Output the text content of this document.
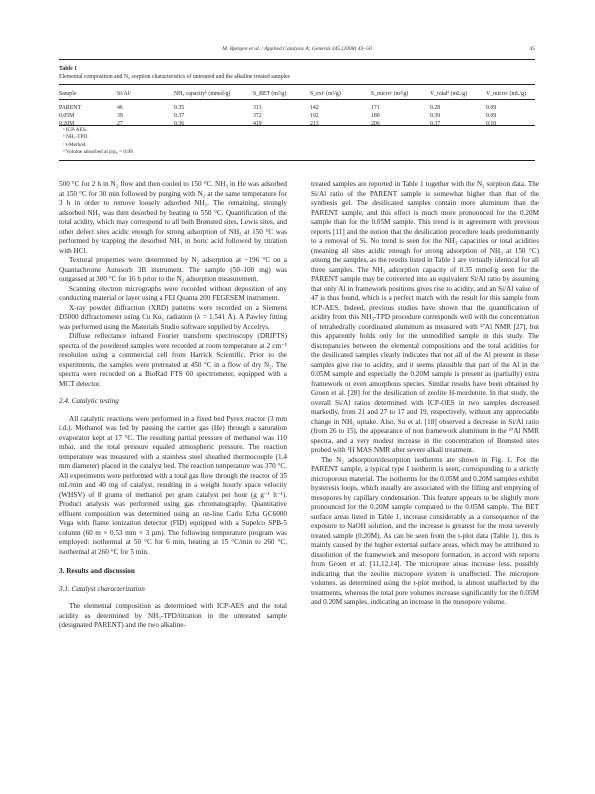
M. Bjørgen et al. / Applied Catalysis A: General 345 (2008) 43–50	45
Table 1
Elemental composition and N₂ sorption characteristics of untreated and the alkaline treated samples
Sample	Si/Alᵃ	NH₃ capacityᵇ (mmol/g)	S_BET (m²/g)	S_extᶜ (m²/g)	S_microᶜ (m²/g)	V_totalᵈ (mL/g)	V_microᶜ (mL/g)

PARENT	46	0.35	313	142	171	0.28	0.09
0.05M	39	0.37	372	192	180	0.39	0.09
0.20M	27	0.36	419	213	206	0.37	0.10
ᵃ ICP-AES.
ᵇ NH₃-TPD.
ᶜ t-Method.
ᵈ Volume adsorbed at p/p₀ = 0.99.

500 °C for 2 h in N₂ flow and then cooled to 150 °C. NH₃ in He was adsorbed at 150 °C for 30 min followed by purging with N₂ at the same temperature for 3 h in order to remove loosely adsorbed NH₃. The remaining, strongly adsorbed NH₃ was then desorbed by heating to 550 °C. Quantification of the total acidity, which may correspond to all both Brønsted sites, Lewis sites, and other defect sites acidic enough for strong adsorption of NH₃ at 150 °C was performed by trapping the desorbed NH₃ in boric acid followed by titration with HCl.

Textural properties were determined by N₂ adsorption at −196 °C on a Quantachrome Autosorb 3B instrument. The sample (50–100 mg) was outgassed at 300 °C for 16 h prior to the N₂ adsorption measurement.

Scanning electron micrographs were recorded without deposition of any conducting material or layer using a FEI Quanta 200 FEGESEM instrument.

X-ray powder diffraction (XRD) patterns were recorded on a Siemens D5000 diffractometer using Cu Kα₁ radiation (λ = 1.541 Å). A Pawley fitting was performed using the Materials Studio software supplied by Accelrys.

Diffuse reflectance infrared Fourier transform spectroscopy (DRIFTS) spectra of the powdered samples were recorded at room temperature at 2 cm⁻¹ resolution using a commercial cell from Harrick Scientific. Prior to the experiments, the samples were pretreated at 450 °C in a flow of dry N₂. The spectra were recorded on a BioRad FTS 60 spectrometer, equipped with a MCT detector.

2.4. Catalytic testing

All catalytic reactions were performed in a fixed bed Pyrex reactor (3 mm i.d.). Methanol was fed by passing the carrier gas (He) through a saturation evaporator kept at 17 °C. The resulting partial pressure of methanol was 110 mbar, and the total pressure equaled atmospheric pressure. The reaction temperature was measured with a stainless steel sheathed thermocouple (1.4 mm diameter) placed in the catalyst bed. The reaction temperature was 370 °C. All experiments were performed with a total gas flow through the reactor of 35 mL/min and 40 mg of catalyst, resulting in a weight hourly space velocity (WHSV) of 8 grams of methanol per gram catalyst per hour (g g⁻¹ h⁻¹). Product analysis was performed using gas chromatography. Quantitative effluent composition was determined using an on-line Carlo Erba GC6000 Vega with flame ionization detector (FID) equipped with a Supelco SPB-5 column (60 m × 0.53 mm × 3 μm). The following temperature program was employed: isothermal at 50 °C for 6 min, heating at 15 °C/min to 260 °C, isothermal at 260 °C for 5 min.

3. Results and discussion
3.1. Catalyst characterization

The elemental composition as determined with ICP-AES and the total acidity as determined by NH₃-TPD/titration in the untreated sample (designated PARENT) and the two alkaline-

treated samples are reported in Table 1 together with the N₂ sorption data. The Si/Al ratio of the PARENT sample is somewhat higher than that of the synthesis gel. The desilicated samples contain more aluminum than the PARENT sample, and this effect is much more pronounced for the 0.20M sample than for the 0.05M sample. This trend is in agreement with previous reports [11] and the notion that the desilication procedure leads predominantly to a removal of Si. No trend is seen for the NH₃ capacities or total acidities (meaning all sites acidic enough for strong adsorption of NH₃ at 150 °C) among the samples, as the results listed in Table 1 are virtually identical for all three samples. The NH₃ adsorption capacity of 0.35 mmol/g seen for the PARENT sample may be converted into an equivalent Si/Al ratio by assuming that only Al in framework positions gives rise to acidity, and an Si/Al value of 47 is thus found, which is a perfect match with the result for this sample from ICP-AES. Indeed, previous studies have shown that the quantification of acidity from this NH₃-TPD procedure corresponds well with the concentration of tetrahedrally coordinated aluminum as measured with ²⁷Al NMR [27], but this apparently holds only for the unmodified sample in this study. The discrepancies between the elemental compositions and the total acidities for the desilicated samples clearly indicates that not all of the Al present in these samples give rise to acidity, and it seems plausible that part of the Al in the 0.05M sample and especially the 0.20M sample is present as (partially) extra framework or even amorphous species. Similar results have been obtained by Groen et al. [28] for the desilication of zeolite H-mordenite. In that study, the overall Si/Al ratios determined with ICP-OES in two samples decreased markedly, from 21 and 27 to 17 and 19, respectively, without any appreciable change in NH₃ uptake. Also, Su et al. [18] observed a decrease in Si/Al ratio (from 26 to 15), the appearance of non framework aluminum in the ²⁷Al NMR spectra, and a very modest increase in the concentration of Brønsted sites probed with ¹H MAS NMR after severe alkali treatment.

The N₂ adsorption/desorption isotherms are shown in Fig. 1. For the PARENT sample, a typical type I isotherm is seen, corresponding to a strictly microporous material. The isotherms for the 0.05M and 0.20M samples exhibit hysteresis loops, which usually are associated with the filling and emptying of mesopores by capillary condensation. This feature appears to be slightly more pronounced for the 0.20M sample compared to the 0.05M sample. The BET surface areas listed in Table 1, increase considerably as a consequence of the exposure to NaOH solution, and the increase is greatest for the most severely treated sample (0.20M). As can be seen from the t-plot data (Table 1), this is mainly caused by the higher external surface areas, which may be attributed to dissolution of the framework and mesopore formation, in accord with reports from Groen et al. [11,12,14]. The micropore areas increase less, possibly indicating that the zeolite micropore system is unaffected. The micropore volumes, as determined using the t-plot method, is almost unaffected by the treatments, whereas the total pore volumes increase significantly for the 0.05M and 0.20M samples, indicating an increase in the mesopore volume.
